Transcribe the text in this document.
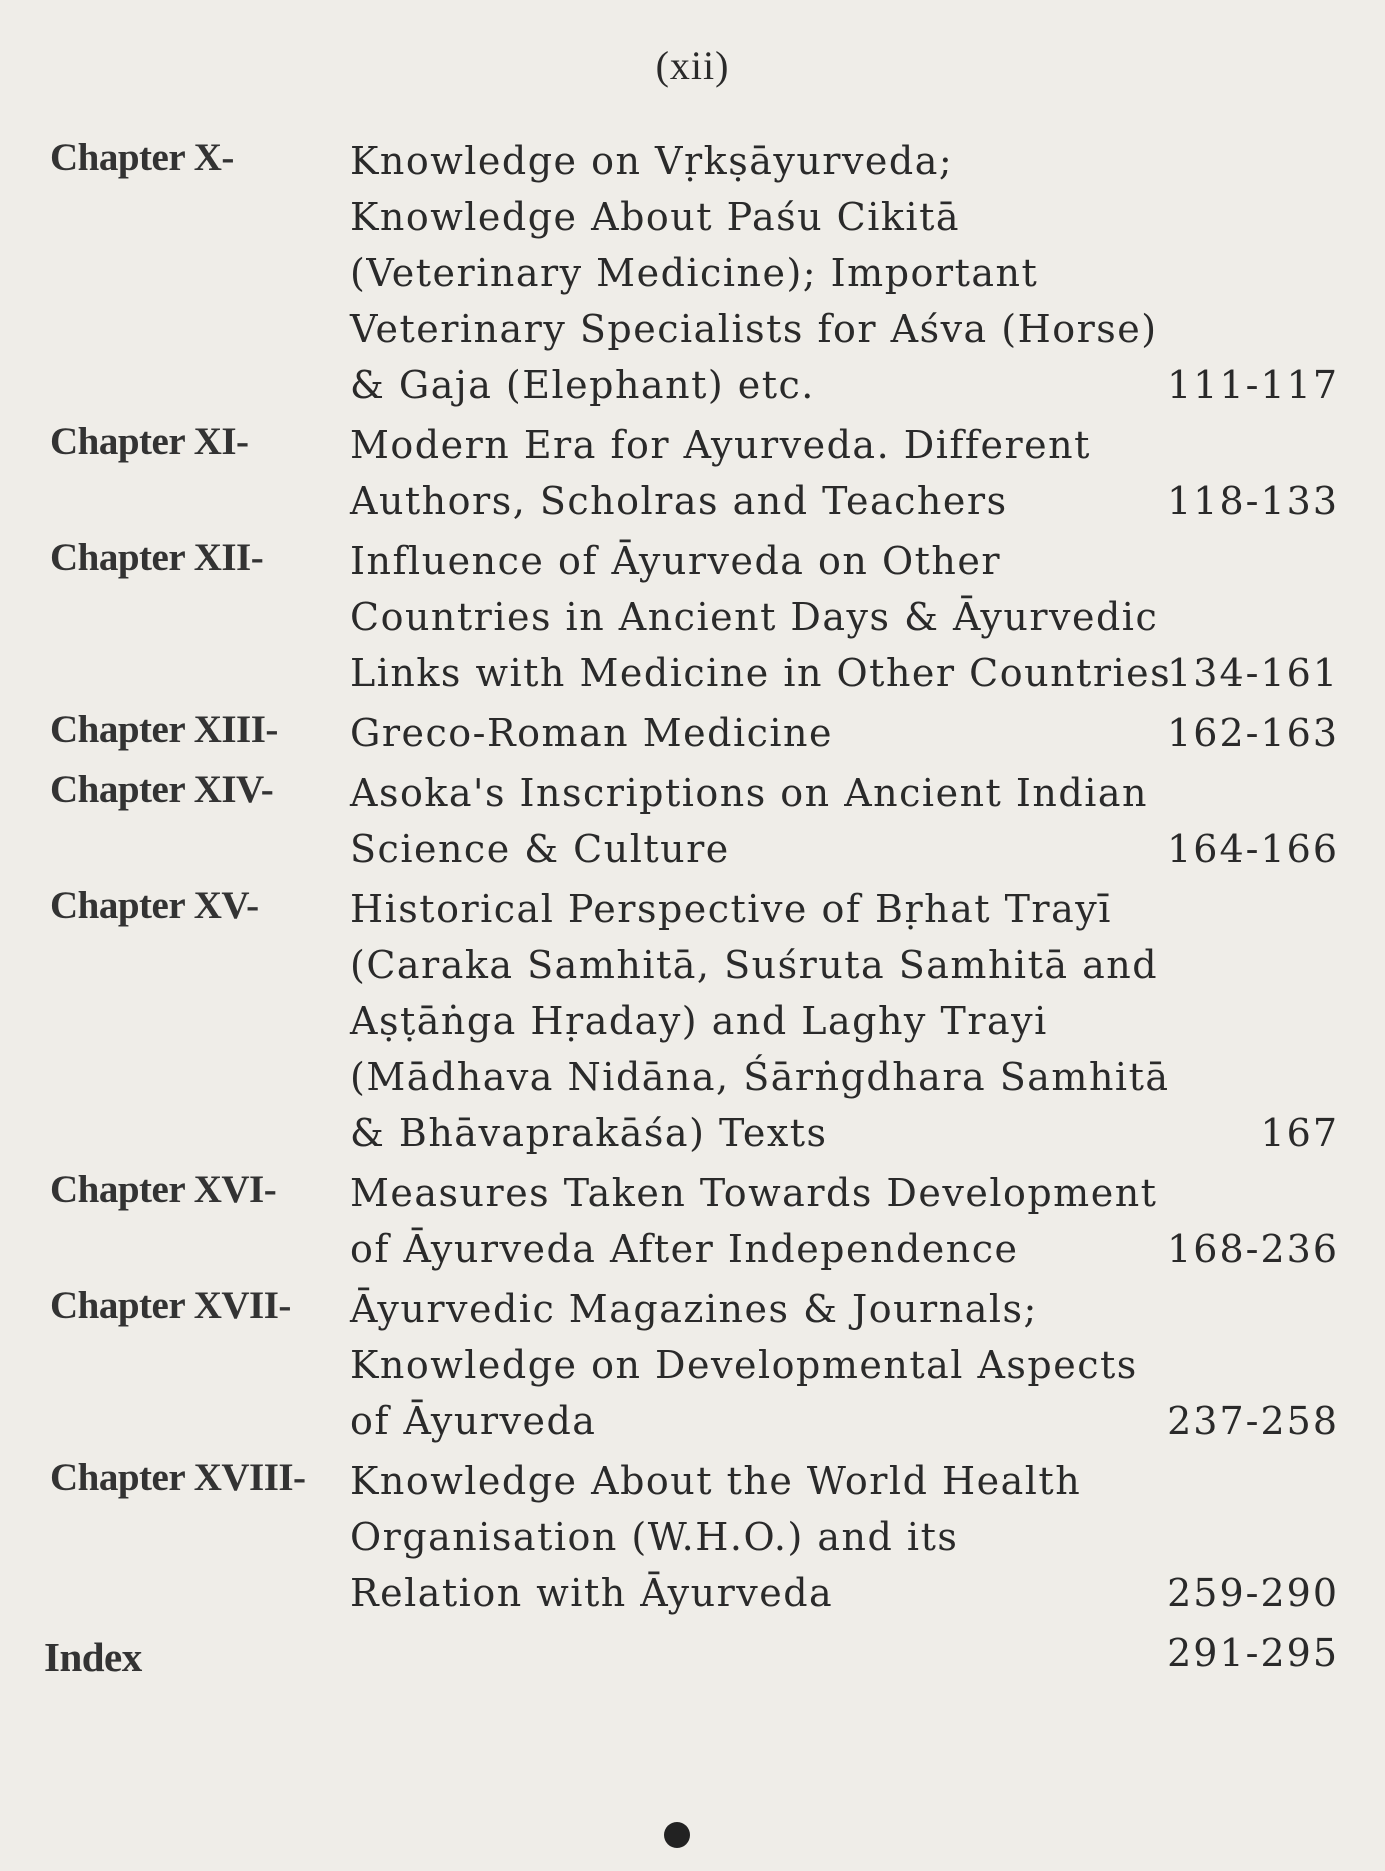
(xii)
Chapter X-	Knowledge on Vṛkṣāyurveda;
Knowledge About Paśu Cikitā
(Veterinary Medicine); Important
Veterinary Specialists for Aśva (Horse)
& Gaja (Elephant) etc.	111-117
Chapter XI-	Modern Era for Ayurveda. Different
Authors, Scholras and Teachers	118-133
Chapter XII- Influence of Āyurveda on Other
Countries in Ancient Days & Āyurvedic
Links with Medicine in Other Countries
134-161
Chapter XIII- Greco-Roman Medicine	162-163
Chapter XIV- Asoka's Inscriptions on Ancient Indian
Science & Culture	164-166
Chapter XV- Historical Perspective of Bṛhat Trayī
(Caraka Samhitā, Suśruta Samhitā and
Aṣṭāṅga Hṛaday) and Laghy Trayi
(Mādhava Nidāna, Śārṅgdhara Samhitā
& Bhāvaprakāśa) Texts	167
Chapter XVI- Measures Taken Towards Development
of Āyurveda After Independence	168-236
Chapter XVII- Āyurvedic Magazines & Journals;
Knowledge on Developmental Aspects
of Āyurveda	237-258
Chapter XVIII- Knowledge About the World Health
Organisation (W.H.O.) and its
Relation with Āyurveda	259-290
Index	291-295
